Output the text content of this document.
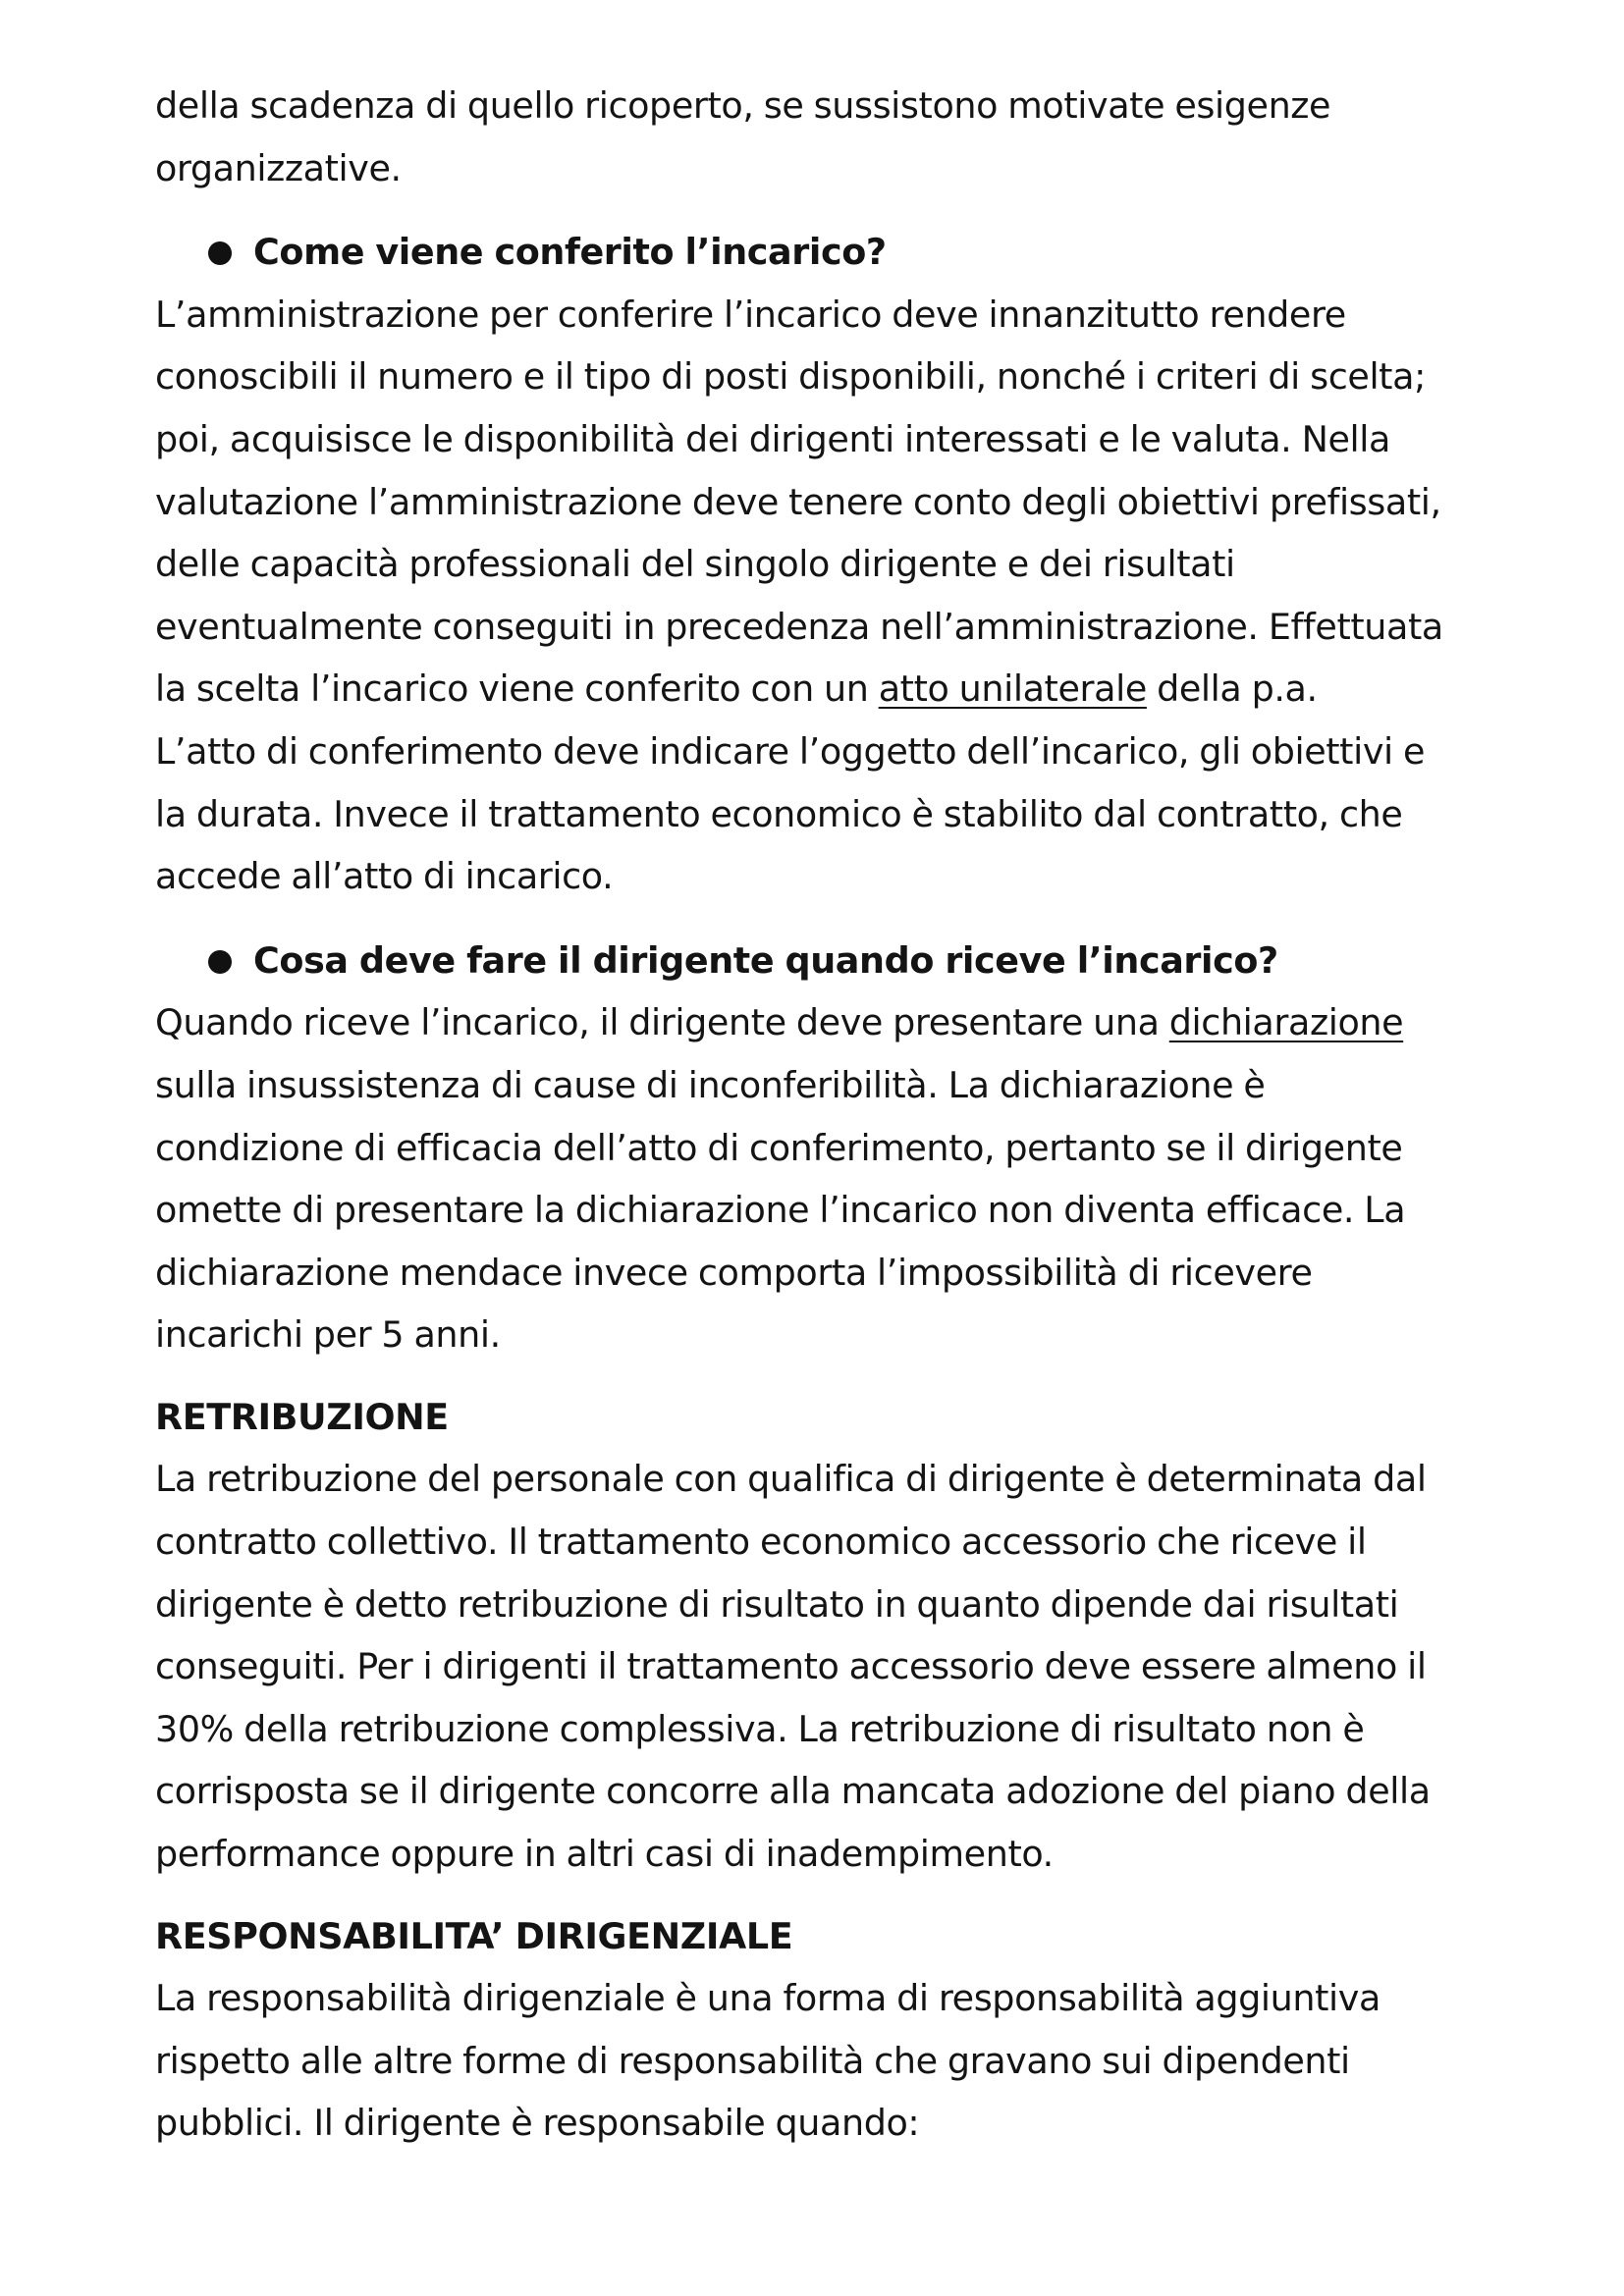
della scadenza di quello ricoperto, se sussistono motivate esigenze
organizzative.

Come viene conferito l’incarico?

L’amministrazione per conferire l’incarico deve innanzitutto rendere
conoscibili il numero e il tipo di posti disponibili, nonché i criteri di scelta;
poi, acquisisce le disponibilità dei dirigenti interessati e le valuta. Nella
valutazione l’amministrazione deve tenere conto degli obiettivi prefissati,
delle capacità professionali del singolo dirigente e dei risultati
eventualmente conseguiti in precedenza nell’amministrazione. Effettuata
la scelta l’incarico viene conferito con un atto unilaterale della p.a.
L’atto di conferimento deve indicare l’oggetto dell’incarico, gli obiettivi e
la durata. Invece il trattamento economico è stabilito dal contratto, che
accede all’atto di incarico.

Cosa deve fare il dirigente quando riceve l’incarico?

Quando riceve l’incarico, il dirigente deve presentare una dichiarazione
sulla insussistenza di cause di inconferibilità. La dichiarazione è
condizione di efficacia dell’atto di conferimento, pertanto se il dirigente
omette di presentare la dichiarazione l’incarico non diventa efficace. La
dichiarazione mendace invece comporta l’impossibilità di ricevere
incarichi per 5 anni.

RETRIBUZIONE

La retribuzione del personale con qualifica di dirigente è determinata dal
contratto collettivo. Il trattamento economico accessorio che riceve il
dirigente è detto retribuzione di risultato in quanto dipende dai risultati
conseguiti. Per i dirigenti il trattamento accessorio deve essere almeno il
30% della retribuzione complessiva. La retribuzione di risultato non è
corrisposta se il dirigente concorre alla mancata adozione del piano della
performance oppure in altri casi di inadempimento.

RESPONSABILITA’ DIRIGENZIALE

La responsabilità dirigenziale è una forma di responsabilità aggiuntiva
rispetto alle altre forme di responsabilità che gravano sui dipendenti
pubblici. Il dirigente è responsabile quando:
